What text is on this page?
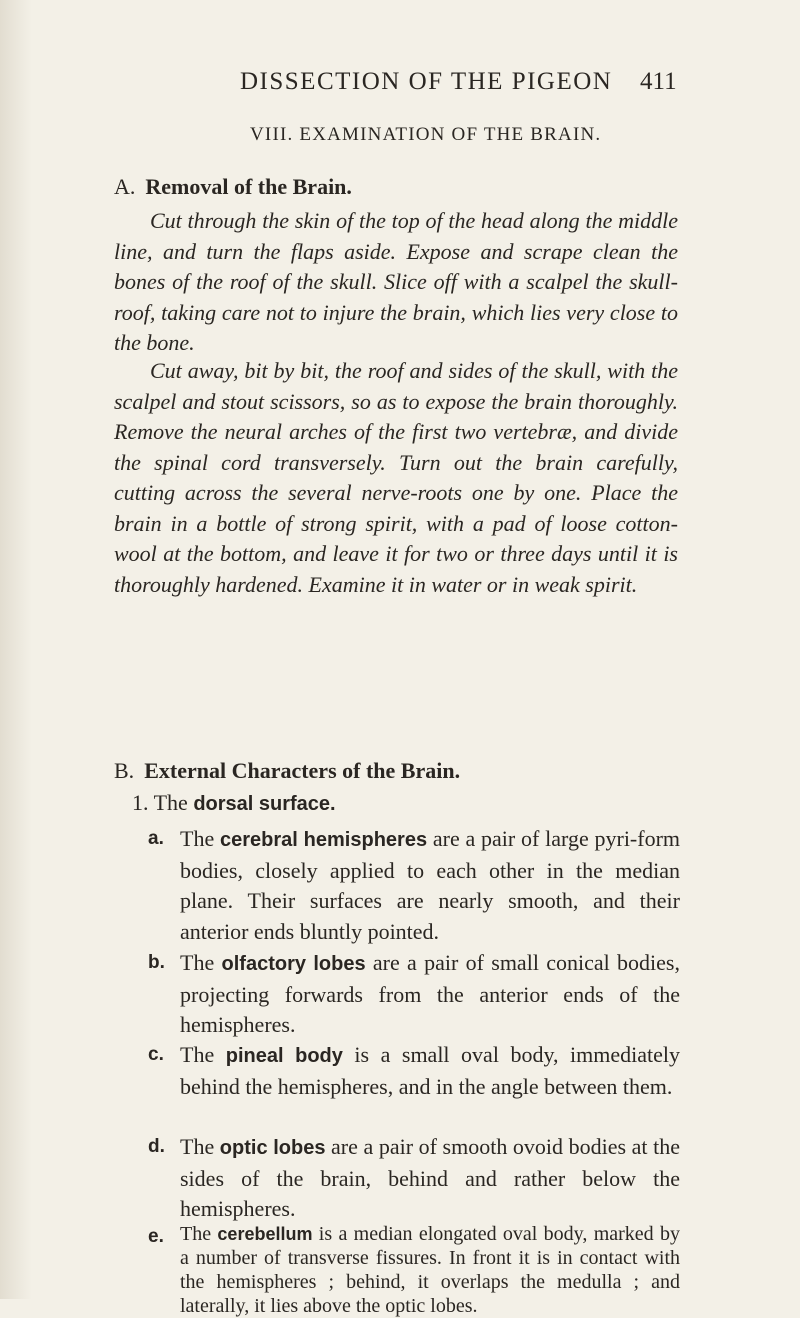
DISSECTION OF THE PIGEON 411
VIII. EXAMINATION OF THE BRAIN.
A. Removal of the Brain.

Cut through the skin of the top of the head along the middle line, and turn the flaps aside. Expose and scrape clean the bones of the roof of the skull. Slice off with a scalpel the skull-roof, taking care not to injure the brain, which lies very close to the bone.

Cut away, bit by bit, the roof and sides of the skull, with the scalpel and stout scissors, so as to expose the brain thoroughly. Remove the neural arches of the first two vertebræ, and divide the spinal cord transversely. Turn out the brain carefully, cutting across the several nerve-roots one by one. Place the brain in a bottle of strong spirit, with a pad of loose cotton-wool at the bottom, and leave it for two or three days until it is thoroughly hardened. Examine it in water or in weak spirit.

B. External Characters of the Brain.
1. The dorsal surface.
a. The cerebral hemispheres are a pair of large pyri-form bodies, closely applied to each other in the median plane. Their surfaces are nearly smooth, and their anterior ends bluntly pointed.
b. The olfactory lobes are a pair of small conical bodies, projecting forwards from the anterior ends of the hemispheres.
c. The pineal body is a small oval body, immediately behind the hemispheres, and in the angle between them.
d. The optic lobes are a pair of smooth ovoid bodies at the sides of the brain, behind and rather below the hemispheres.
e. The cerebellum is a median elongated oval body, marked by a number of transverse fissures. In front it is in contact with the hemispheres ; behind, it overlaps the medulla ; and laterally, it lies above the optic lobes.
